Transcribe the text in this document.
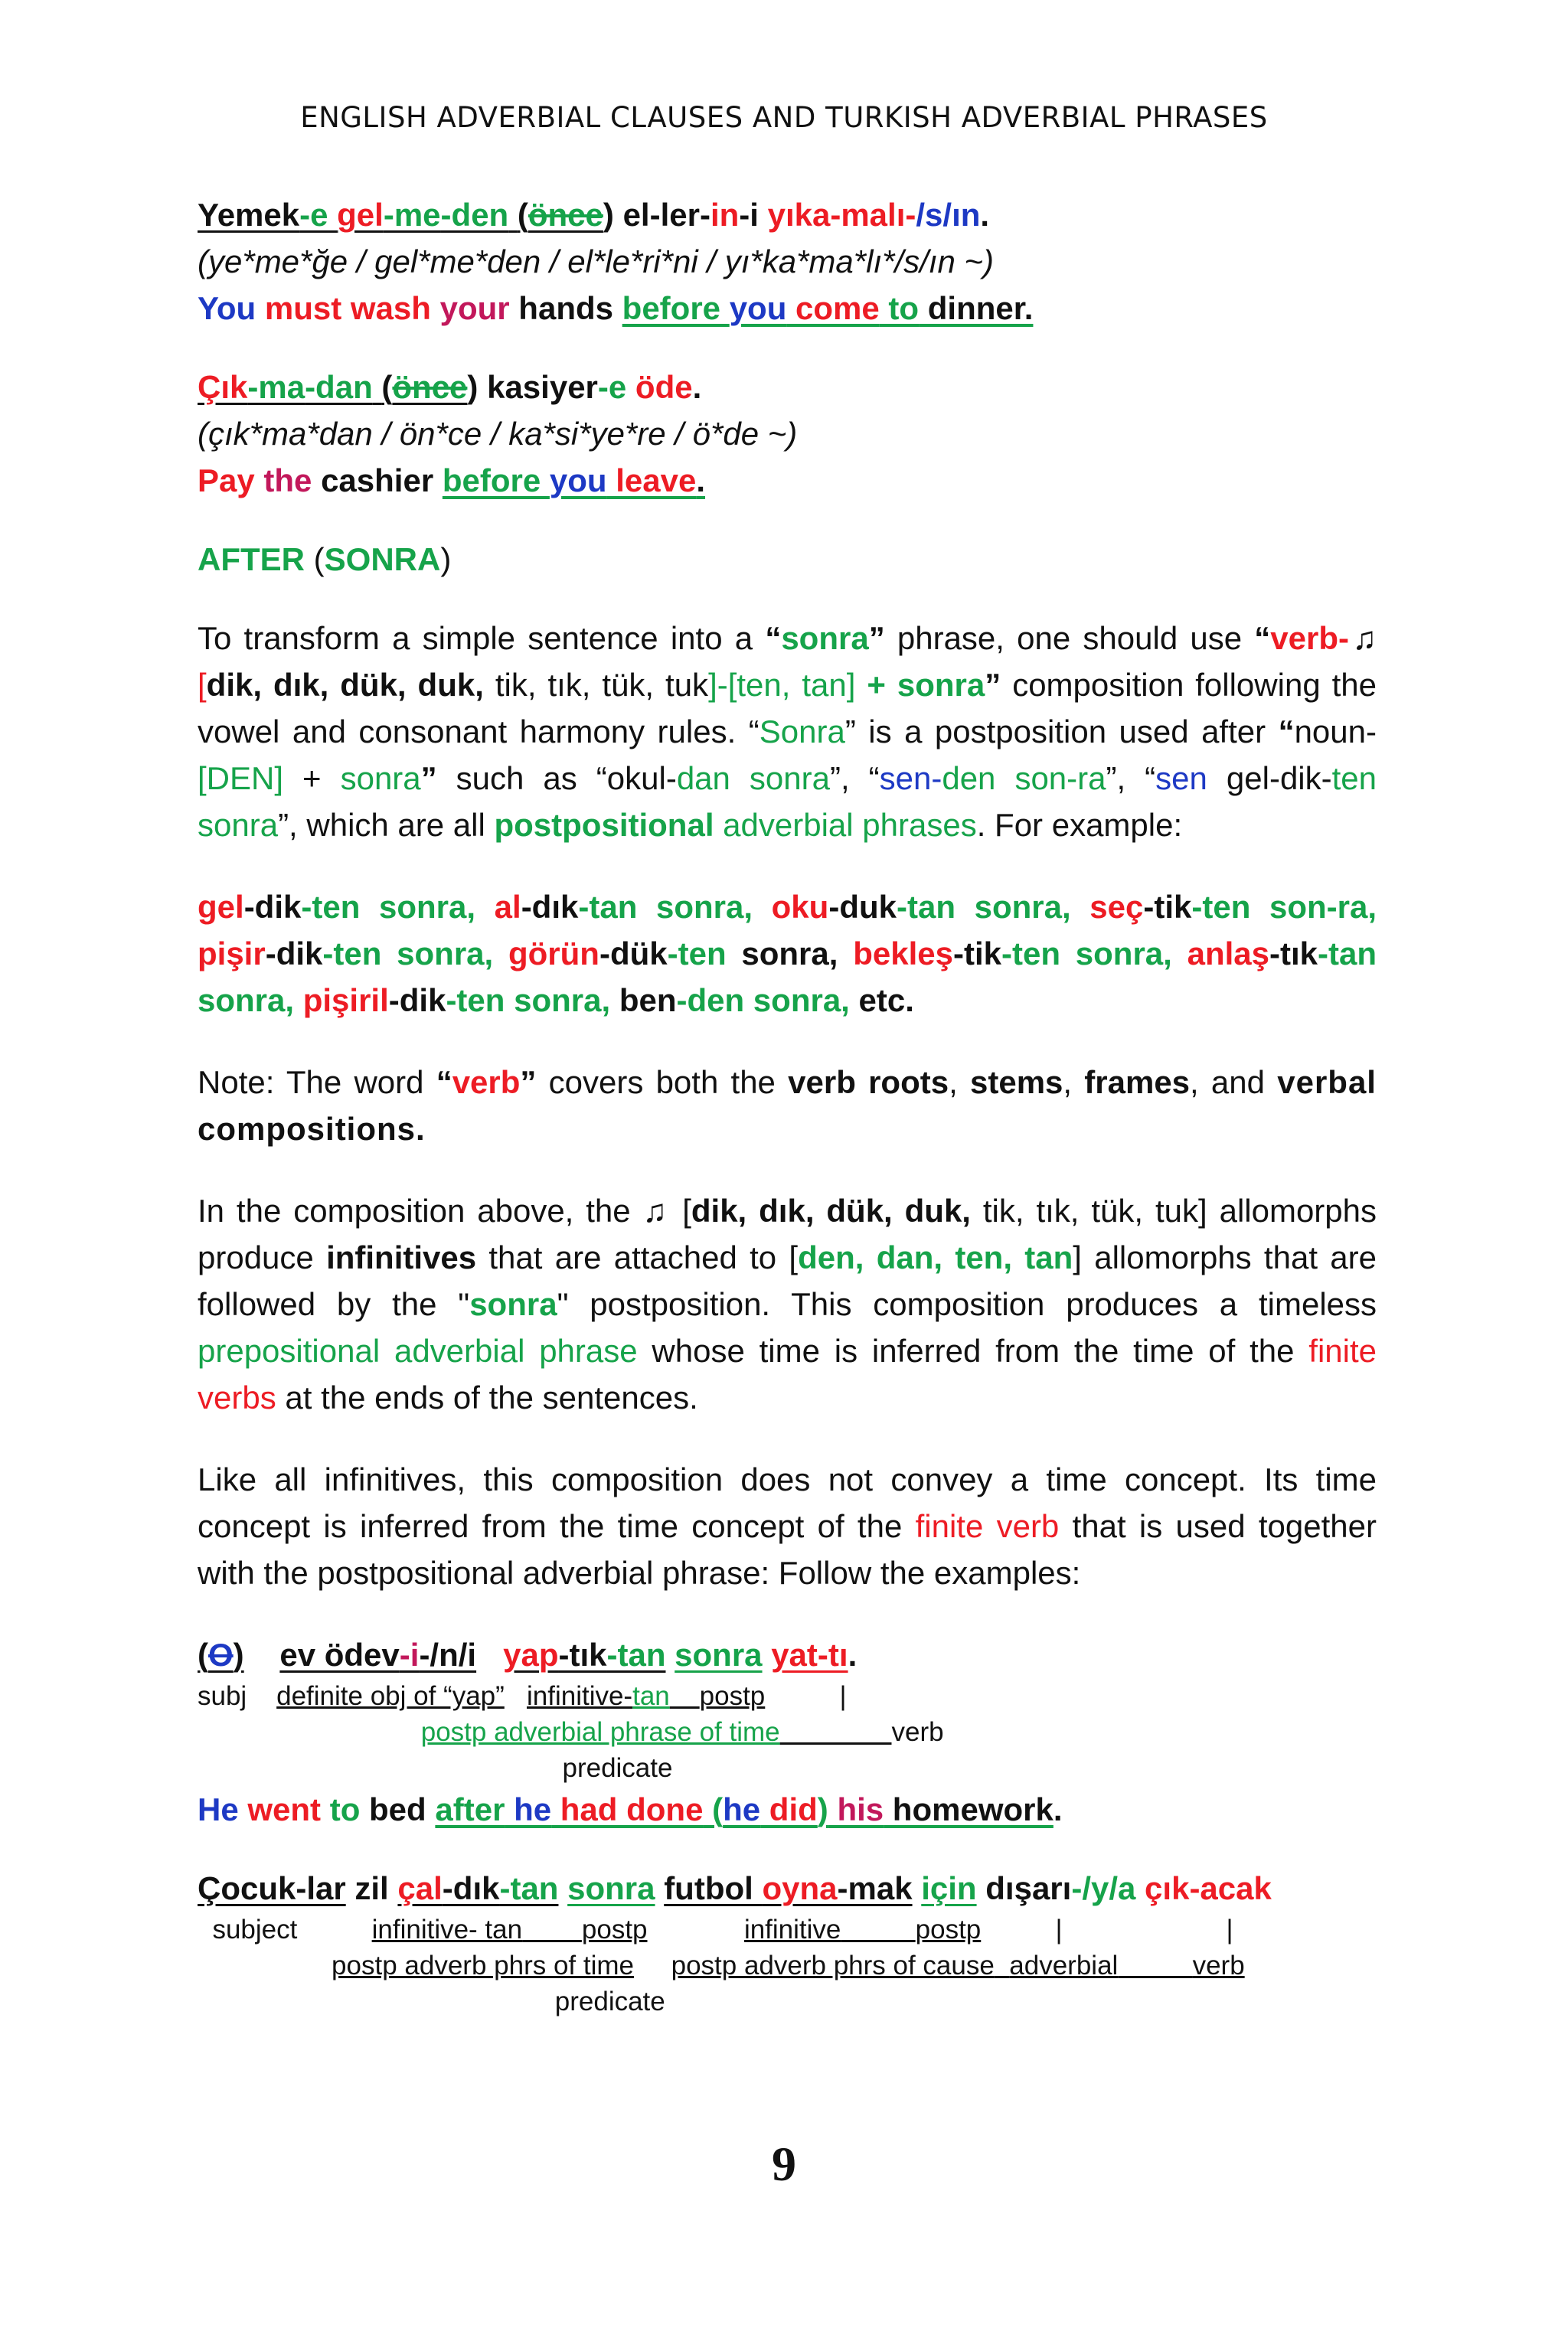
ENGLISH ADVERBIAL CLAUSES AND TURKISH ADVERBIAL PHRASES
Yemek-e gel-me-den (önce) el-ler-in-i yıka-malı-/s/ın.
(ye*me*ğe / gel*me*den / el*le*ri*ni / yı*ka*ma*lı*/s/ın ~)
You must wash your hands before you come to dinner.
Çık-ma-dan (önce) kasiyer-e öde.
(çık*ma*dan / ön*ce / ka*si*ye*re / ö*de ~)
Pay the cashier before you leave.
AFTER (SONRA)

To transform a simple sentence into a “sonra” phrase, one should use “verb-♫ [dik, dık, dük, duk, tik, tık, tük, tuk]-[ten, tan] + sonra” composition following the vowel and consonant harmony rules. “Sonra” is a postposition used after “noun-[DEN] + sonra” such as “okul-dan sonra”, “sen-den son-ra”, “sen gel-dik-ten sonra”, which are all postpositional adverbial phrases. For example:

gel-dik-ten sonra, al-dık-tan sonra, oku-duk-tan sonra, seç-tik-ten son-ra, pişir-dik-ten sonra, görün-dük-ten sonra, bekleş-tik-ten sonra, anlaş-tık-tan sonra, pişiril-dik-ten sonra, ben-den sonra, etc.

Note: The word “verb” covers both the verb roots, stems, frames, and verbal compositions.

In the composition above, the ♫ [dik, dık, dük, duk, tik, tık, tük, tuk] allomorphs produce infinitives that are attached to [den, dan, ten, tan] allomorphs that are followed by the "sonra" postposition. This composition produces a timeless prepositional adverbial phrase whose time is inferred from the time of the finite verbs at the ends of the sentences.

Like all infinitives, this composition does not convey a time concept. Its time concept is inferred from the time concept of the finite verb that is used together with the postpositional adverbial phrase: Follow the examples:

(O) ev ödev-i-/n/i yap-tık-tan sonra yat-tı.
subj definite obj of “yap” infinitive-tan postp	|
postp adverbial phrase of time	verb
predicate
He went to bed after he had done (he did) his homework.
Çocuk-lar zil çal-dık-tan sonra futbol oyna-mak için dışarı-/y/a çık-acak
subject	infinitive- tan postp	infinitive	postp	|	|
postp adverb phrs of time postp adverb phrs of cause adverbial	verb
predicate
9
